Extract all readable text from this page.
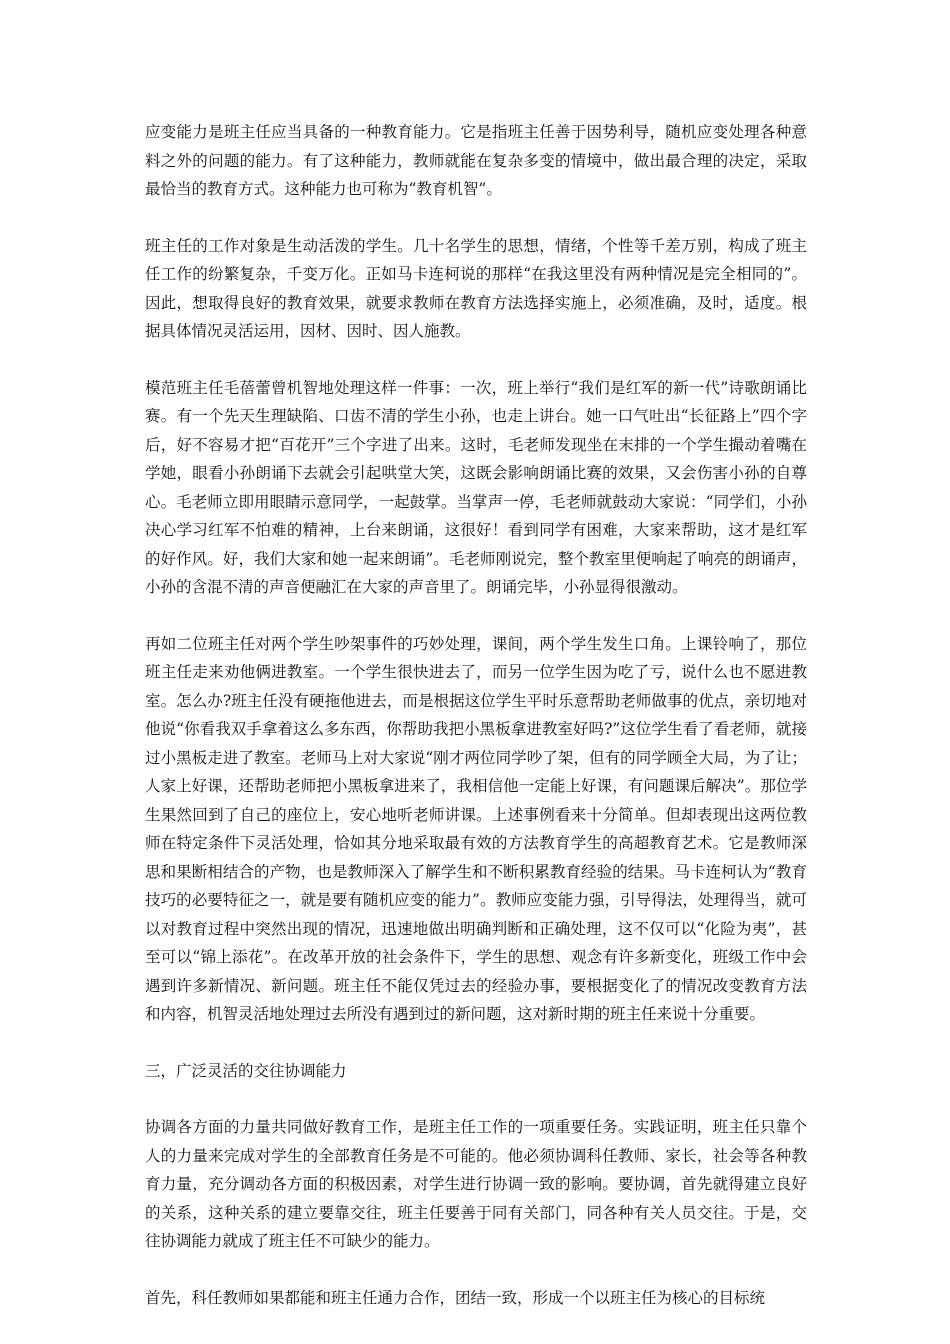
应变能力是班主任应当具备的一种教育能力。它是指班主任善于因势利导，随机应变处理各种意料之外的问题的能力。有了这种能力，教师就能在复杂多变的情境中，做出最合理的决定，采取最恰当的教育方式。这种能力也可称为“教育机智”。

班主任的工作对象是生动活泼的学生。几十名学生的思想，情绪，个性等千差万别，构成了班主任工作的纷繁复杂，千变万化。正如马卡连柯说的那样“在我这里没有两种情况是完全相同的”。因此，想取得良好的教育效果，就要求教师在教育方法选择实施上，必须准确，及时，适度。根据具体情况灵活运用，因材、因时、因人施教。

模范班主任毛蓓蕾曾机智地处理这样一件事：一次，班上举行“我们是红军的新一代”诗歌朗诵比赛。有一个先天生理缺陷、口齿不清的学生小孙，也走上讲台。她一口气吐出“长征路上”四个字后，好不容易才把“百花开”三个字进了出来。这时，毛老师发现坐在末排的一个学生撮动着嘴在学她，眼看小孙朗诵下去就会引起哄堂大笑，这既会影响朗诵比赛的效果，又会伤害小孙的自尊心。毛老师立即用眼睛示意同学，一起鼓掌。当掌声一停，毛老师就鼓动大家说：“同学们，小孙决心学习红军不怕难的精神，上台来朗诵，这很好！看到同学有困难，大家来帮助，这才是红军的好作风。好，我们大家和她一起来朗诵”。毛老师刚说完，整个教室里便响起了响亮的朗诵声，小孙的含混不清的声音便融汇在大家的声音里了。朗诵完毕，小孙显得很激动。

再如二位班主任对两个学生吵架事件的巧妙处理，课间，两个学生发生口角。上课铃响了，那位班主任走来劝他俩进教室。一个学生很快进去了，而另一位学生因为吃了亏，说什么也不愿进教室。怎么办?班主任没有硬拖他进去，而是根据这位学生平时乐意帮助老师做事的优点，亲切地对他说“你看我双手拿着这么多东西，你帮助我把小黑板拿进教室好吗?”这位学生看了看老师，就接过小黑板走进了教室。老师马上对大家说“刚才两位同学吵了架，但有的同学顾全大局，为了让；人家上好课，还帮助老师把小黑板拿进来了，我相信他一定能上好课，有问题课后解决”。那位学生果然回到了自己的座位上，安心地听老师讲课。上述事例看来十分简单。但却表现出这两位教师在特定条件下灵活处理，恰如其分地采取最有效的方法教育学生的高超教育艺术。它是教师深思和果断相结合的产物，也是教师深入了解学生和不断积累教育经验的结果。马卡连柯认为“教育技巧的必要特征之一，就是要有随机应变的能力”。教师应变能力强，引导得法，处理得当，就可以对教育过程中突然出现的情况，迅速地做出明确判断和正确处理，这不仅可以“化险为夷”，甚至可以“锦上添花”。在改革开放的社会条件下，学生的思想、观念有许多新变化，班级工作中会遇到许多新情况、新问题。班主任不能仅凭过去的经验办事，要根据变化了的情况改变教育方法和内容，机智灵活地处理过去所没有遇到过的新问题，这对新时期的班主任来说十分重要。

三，广泛灵活的交往协调能力

协调各方面的力量共同做好教育工作，是班主任工作的一项重要任务。实践证明，班主任只靠个人的力量来完成对学生的全部教育任务是不可能的。他必须协调科任教师、家长，社会等各种教育力量，充分调动各方面的积极因素，对学生进行协调一致的影响。要协调，首先就得建立良好的关系，这种关系的建立要靠交往，班主任要善于同有关部门，同各种有关人员交往。于是，交往协调能力就成了班主任不可缺少的能力。

首先，科任教师如果都能和班主任通力合作，团结一致，形成一个以班主任为核心的目标统
